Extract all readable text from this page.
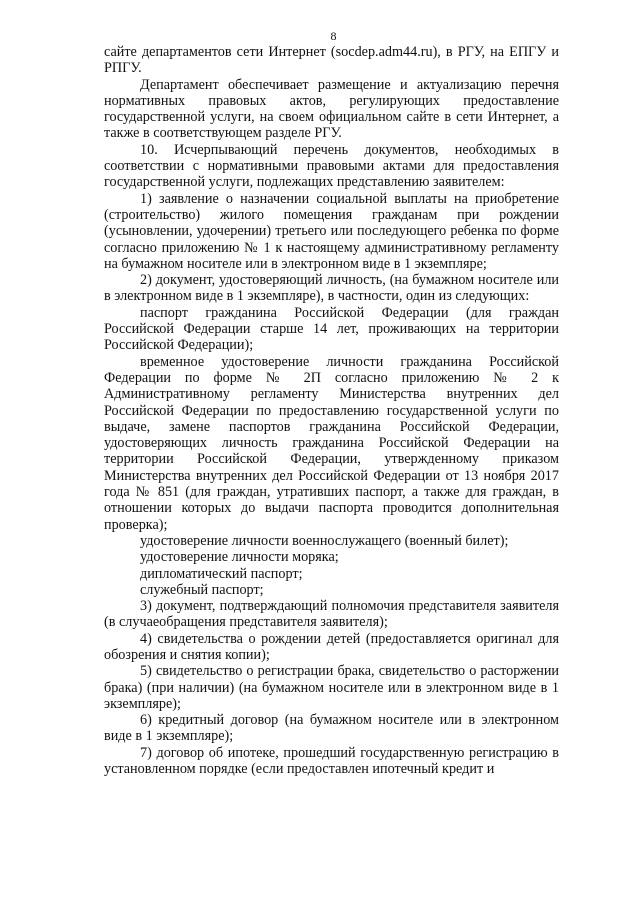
8

сайте департаментов сети Интернет (socdep.adm44.ru), в РГУ, на ЕПГУ и РПГУ.

Департамент обеспечивает размещение и актуализацию перечня нормативных правовых актов, регулирующих предоставление государственной услуги, на своем официальном сайте в сети Интернет, а также в соответствующем разделе РГУ.

10. Исчерпывающий перечень документов, необходимых в соответствии с нормативными правовыми актами для предоставления государственной услуги, подлежащих представлению заявителем:

1) заявление о назначении социальной выплаты на приобретение (строительство) жилого помещения гражданам при рождении (усыновлении, удочерении) третьего или последующего ребенка по форме согласно приложению № 1 к настоящему административному регламенту на бумажном носителе или в электронном виде в 1 экземпляре;

2) документ, удостоверяющий личность, (на бумажном носителе или в электронном виде в 1 экземпляре), в частности, один из следующих:

паспорт гражданина Российской Федерации (для граждан Российской Федерации старше 14 лет, проживающих на территории Российской Федерации);

временное удостоверение личности гражданина Российской Федерации по форме № 2П согласно приложению № 2 к Административному регламенту Министерства внутренних дел Российской Федерации по предоставлению государственной услуги по выдаче, замене паспортов гражданина Российской Федерации, удостоверяющих личность гражданина Российской Федерации на территории Российской Федерации, утвержденному приказом Министерства внутренних дел Российской Федерации от 13 ноября 2017 года № 851 (для граждан, утративших паспорт, а также для граждан, в отношении которых до выдачи паспорта проводится дополнительная проверка);

удостоверение личности военнослужащего (военный билет);

удостоверение личности моряка;

дипломатический паспорт;

служебный паспорт;

3) документ, подтверждающий полномочия представителя заявителя (в случаеобращения представителя заявителя);

4) свидетельства о рождении детей (предоставляется оригинал для обозрения и снятия копии);

5) свидетельство о регистрации брака, свидетельство о расторжении брака) (при наличии) (на бумажном носителе или в электронном виде в 1 экземпляре);

6) кредитный договор (на бумажном носителе или в электронном виде в 1 экземпляре);

7) договор об ипотеке, прошедший государственную регистрацию в установленном порядке (если предоставлен ипотечный кредит и
